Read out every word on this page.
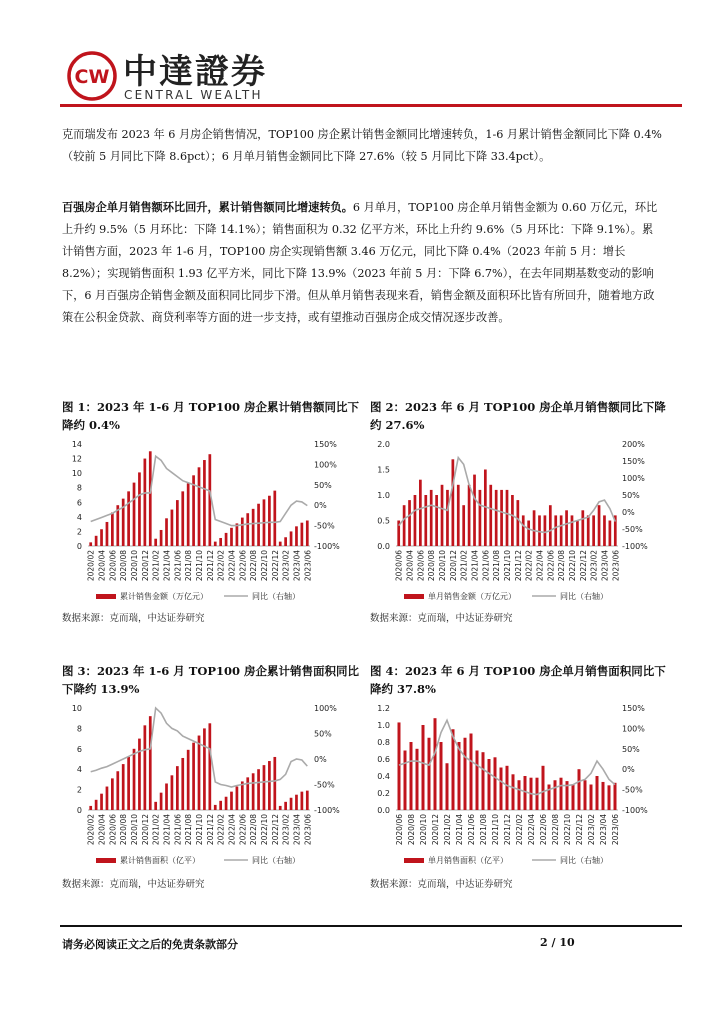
CW 中達證券
CENTRAL WEALTH

克而瑞发布 2023 年 6 月房企销售情况，TOP100 房企累计销售金额同比增速转负，1-6 月累计销售金额同比下降 0.4%（较前 5 月同比下降 8.6pct）；6 月单月销售金额同比下降 27.6%（较 5 月同比下降 33.4pct）。

百强房企单月销售额环比回升，累计销售额同比增速转负。6 月单月，TOP100 房企单月销售金额为 0.60 万亿元，环比上升约 9.5%（5 月环比：下降 14.1%）；销售面积为 0.32 亿平方米，环比上升约 9.6%（5 月环比：下降 9.1%）。累计销售方面，2023 年 1-6 月，TOP100 房企实现销售额 3.46 万亿元，同比下降 0.4%（2023 年前 5 月：增长 8.2%）；实现销售面积 1.93 亿平方米，同比下降 13.9%（2023 年前 5 月：下降 6.7%），在去年同期基数变动的影响下，6 月百强房企销售金额及面积同比同步下滑。但从单月销售表现来看，销售金额及面积环比皆有所回升，随着地方政策在公积金贷款、商贷利率等方面的进一步支持，或有望推动百强房企成交情况逐步改善。

图 1：2023 年 1-6 月 TOP100 房企累计销售额同比下降约 0.4%

图 2：2023 年 6 月 TOP100 房企单月销售额同比下降约 27.6%

图 3：2023 年 1-6 月 TOP100 房企累计销售面积同比下降约 13.9%

图 4：2023 年 6 月 TOP100 房企单月销售面积同比下降约 37.8%

0
2
4
6
8
10
12
14
-100%
-50%
0%
50%
100%
150%
2020/02 2020/04 2020/06 2020/08 2020/10 2020/12 2021/02 2021/04 2021/06 2021/08 2021/10 2021/12 2022/02 2022/04 2022/06 2022/08 2022/10 2022/12 2023/02 2023/04 2023/06
累计销售金额（万亿元）	同比（右轴）
0.0
0.5
1.0
1.5
2.0
-100%
-50%
0%
50%
100%
150%
200%
2020/06 2020/04 2020/06 2020/08 2020/10 2020/12 2021/02 2021/04 2021/06 2021/08 2021/10 2021/12 2022/02 2022/04 2022/06 2022/08 2022/10 2022/12 2023/02 2023/04 2023/06
单月销售金额（万亿元）	同比（右轴）
0
2
4
6
8
10
-100%
-50%
0%
50%
100%
2020/02 2020/04 2020/06 2020/08 2020/10 2020/12 2021/02 2021/04 2021/06 2021/08 2021/10 2021/12 2022/02 2022/04 2022/06 2022/08 2022/10 2022/12 2023/02 2023/04 2023/06
累计销售面积（亿平）	同比（右轴）
0.0
0.2
0.4
0.6
0.8
1.0
1.2
-100%
-50%
0%
50%
100%
150%
2020/06 2020/08 2020/10 2020/12 2021/02 2021/04 2021/06 2021/08 2021/10 2021/12 2022/02 2022/04 2022/06 2022/08 2022/10 2022/12 2023/02 2023/04 2023/06
单月销售面积（亿平）	同比（右轴）
数据来源：克而瑞，中达证券研究	数据来源：克而瑞，中达证券研究
数据来源：克而瑞，中达证券研究	数据来源：克而瑞，中达证券研究
请务必阅读正文之后的免责条款部分	2 / 10
